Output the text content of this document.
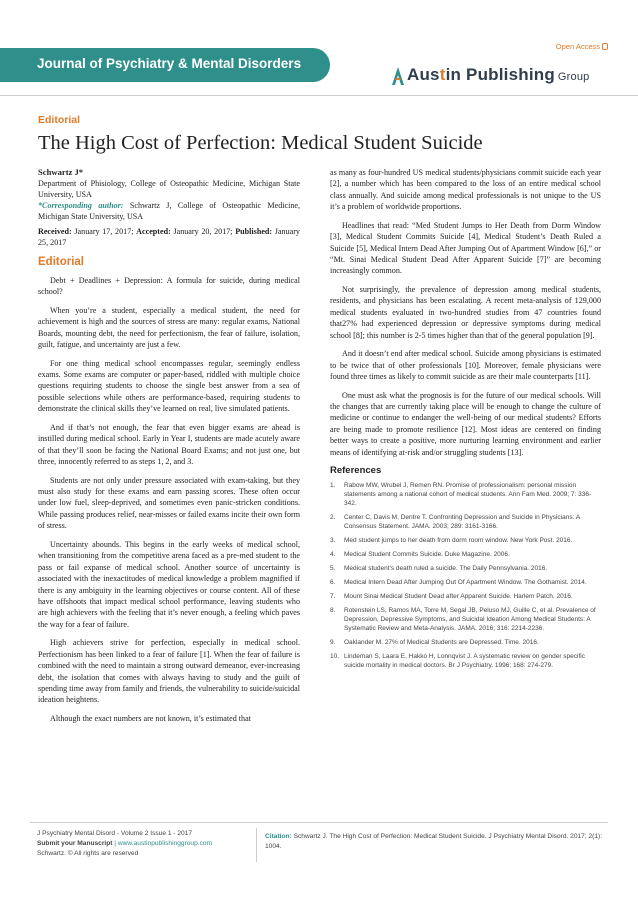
Journal of Psychiatry & Mental Disorders
Open Access
Austin Publishing Group
Editorial
The High Cost of Perfection: Medical Student Suicide
Schwartz J*
Department of Phisiology, College of Osteopathic Medicine, Michigan State University, USA
*Corresponding author: Schwartz J, College of Osteopathic Medicine, Michigan State University, USA
Received: January 17, 2017; Accepted: January 20, 2017; Published: January 25, 2017
Editorial

Debt + Deadlines + Depression: A formula for suicide, during medical school?

When you’re a student, especially a medical student, the need for achievement is high and the sources of stress are many: regular exams, National Boards, mounting debt, the need for perfectionism, the fear of failure, isolation, guilt, fatigue, and uncertainty are just a few.

For one thing medical school encompasses regular, seemingly endless exams. Some exams are computer or paper-based, riddled with multiple choice questions requiring students to choose the single best answer from a sea of possible selections while others are performance-based, requiring students to demonstrate the clinical skills they’ve learned on real, live simulated patients.

And if that’s not enough, the fear that even bigger exams are ahead is instilled during medical school. Early in Year I, students are made acutely aware of that they’ll soon be facing the National Board Exams; and not just one, but three, innocently referred to as steps 1, 2, and 3.

Students are not only under pressure associated with exam-taking, but they must also study for these exams and earn passing scores. These often occur under low fuel, sleep-deprived, and sometimes even panic-stricken conditions. While passing produces relief, near-misses or failed exams incite their own form of stress.

Uncertainty abounds. This begins in the early weeks of medical school, when transitioning from the competitive arena faced as a pre-med student to the pass or fail expanse of medical school. Another source of uncertainty is associated with the inexactitudes of medical knowledge a problem magnified if there is any ambiguity in the learning objectives or course content. All of these have offshoots that impact medical school performance, leaving students who are high achievers with the feeling that it’s never enough, a feeling which paves the way for a fear of failure.

High achievers strive for perfection, especially in medical school. Perfectionism has been linked to a fear of failure [1]. When the fear of failure is combined with the need to maintain a strong outward demeanor, ever-increasing debt, the isolation that comes with always having to study and the guilt of spending time away from family and friends, the vulnerability to suicide/suicidal ideation heightens.

Although the exact numbers are not known, it’s estimated that

as many as four-hundred US medical students/physicians commit suicide each year [2], a number which has been compared to the loss of an entire medical school class annually. And suicide among medical professionals is not unique to the US it’s a problem of worldwide proportions.

Headlines that read: “Med Student Jumps to Her Death from Dorm Window [3], Medical Student Commits Suicide [4], Medical Student’s Death Ruled a Suicide [5], Medical Intern Dead After Jumping Out of Apartment Window [6],” or “Mt. Sinai Medical Student Dead After Apparent Suicide [7]” are becoming increasingly common.

Not surprisingly, the prevalence of depression among medical students, residents, and physicians has been escalating. A recent meta-analysis of 129,000 medical students evaluated in two-hundred studies from 47 countries found that27% had experienced depression or depressive symptoms during medical school [8]; this number is 2-5 times higher than that of the general population [9].

And it doesn’t end after medical school. Suicide among physicians is estimated to be twice that of other professionals [10]. Moreover, female physicians were found three times as likely to commit suicide as are their male counterparts [11].

One must ask what the prognosis is for the future of our medical schools. Will the changes that are currently taking place will be enough to change the culture of medicine or continue to endanger the well-being of our medical students? Efforts are being made to promote resilience [12]. Most ideas are centered on finding better ways to create a positive, more nurturing learning environment and earlier means of identifying at-risk and/or struggling students [13].

References
1. Rabow MW, Wrubel J, Remen RN. Promise of professionalism: personal mission statements among a national cohort of medical students. Ann Fam Med. 2009; 7: 336-342.
2. Center C, Davis M, Dentre T. Confronting Depression and Suicide in Physicians: A Consensus Statement. JAMA. 2003; 289: 3161-3166.
3. Med student jumps to her death from dorm room window. New York Post. 2016.
4. Medical Student Commits Suicide. Duke Magazine. 2006.
5. Medical student’s death ruled a suicide. The Daily Pennsylvania. 2016.
6. Medical Intern Dead After Jumping Out Of Apartment Window. The Gothamist. 2014.
7. Mount Sinai Medical Student Dead after Apparent Suicide. Harlem Patch. 2016.
8. Rotenstein LS, Ramos MA, Torre M, Segal JB, Peluso MJ, Guille C, et al. Prevalence of Depression, Depressive Symptoms, and Suicidal Ideation Among Medical Students: A Systematic Review and Meta-Analysis. JAMA. 2016; 316: 2214-2236.
9. Oaklander M. 27% of Medical Students are Depressed. Time. 2016.
10. Lindeman S, Laara E, Hakko H, Lonnqvist J. A systematic review on gender specific suicide mortality in medical doctors. Br J Psychiatry. 1996; 168: 274-279.
J Psychiatry Mental Disord - Volume 2 Issue 1 - 2017
Submit your Manuscript | www.austinpublishinggroup.com
Schwartz. © All rights are reserved
Citation: Schwartz J. The High Cost of Perfection: Medical Student Suicide. J Psychiatry Mental Disord. 2017; 2(1): 1004.
